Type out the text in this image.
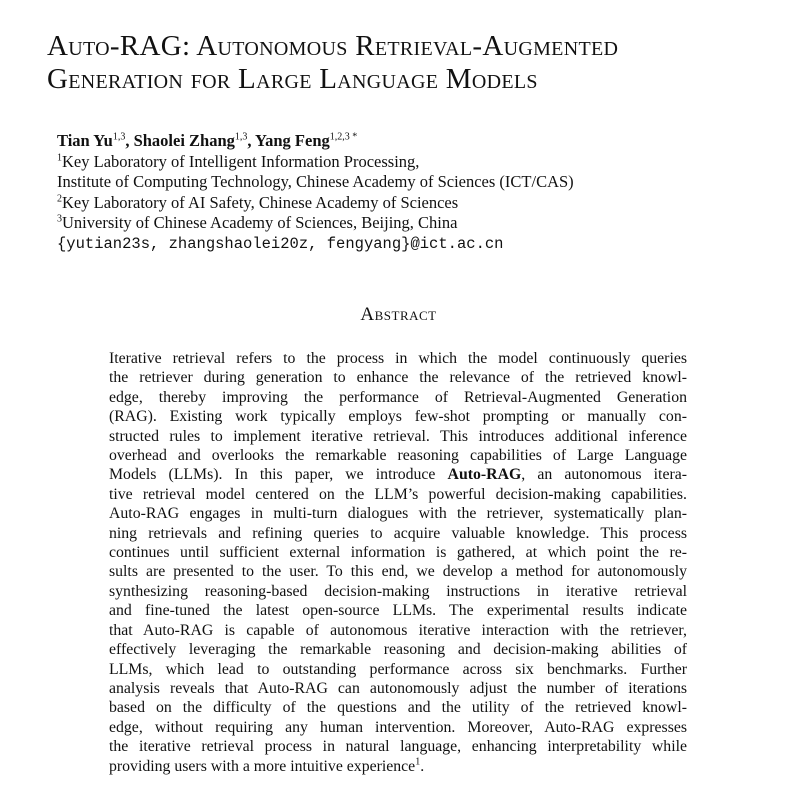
Auto-RAG: Autonomous Retrieval-Augmented
Generation for Large Language Models
Tian Yu$^{1,3}$, Shaolei Zhang$^{1,3}$, Yang Feng$^{1,2,3 *}$
$^1$Key Laboratory of Intelligent Information Processing,
Institute of Computing Technology, Chinese Academy of Sciences (ICT/CAS)
$^2$Key Laboratory of AI Safety, Chinese Academy of Sciences
$^3$University of Chinese Academy of Sciences, Beijing, China
{yutian23s, zhangshaolei20z, fengyang}@ict.ac.cn
Abstract
Iterative retrieval refers to the process in which the model continuously queries
the retriever during generation to enhance the relevance of the retrieved knowl-
edge, thereby improving the performance of Retrieval-Augmented Generation
(RAG). Existing work typically employs few-shot prompting or manually con-
structed rules to implement iterative retrieval. This introduces additional inference
overhead and overlooks the remarkable reasoning capabilities of Large Language
Models (LLMs). In this paper, we introduce Auto-RAG, an autonomous itera-
tive retrieval model centered on the LLM’s powerful decision-making capabilities.
Auto-RAG engages in multi-turn dialogues with the retriever, systematically plan-
ning retrievals and refining queries to acquire valuable knowledge. This process
continues until sufficient external information is gathered, at which point the re-
sults are presented to the user. To this end, we develop a method for autonomously
synthesizing reasoning-based decision-making instructions in iterative retrieval
and fine-tuned the latest open-source LLMs. The experimental results indicate
that Auto-RAG is capable of autonomous iterative interaction with the retriever,
effectively leveraging the remarkable reasoning and decision-making abilities of
LLMs, which lead to outstanding performance across six benchmarks. Further
analysis reveals that Auto-RAG can autonomously adjust the number of iterations
based on the difficulty of the questions and the utility of the retrieved knowl-
edge, without requiring any human intervention. Moreover, Auto-RAG expresses
the iterative retrieval process in natural language, enhancing interpretability while
providing users with a more intuitive experience$^1$.
